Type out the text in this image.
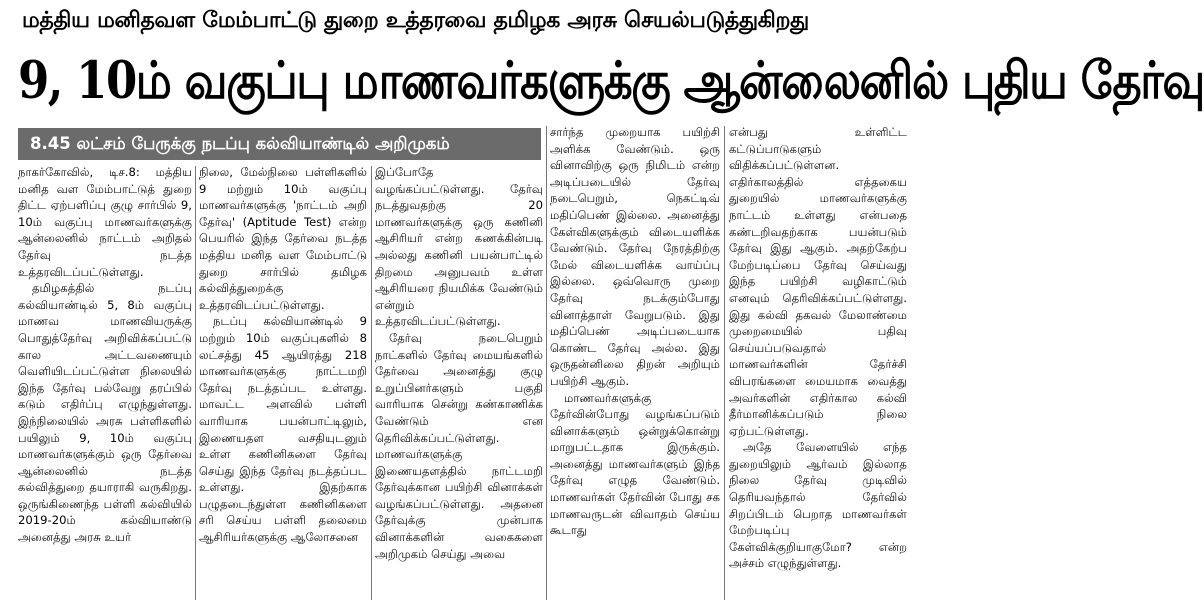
மத்திய மனிதவள மேம்பாட்டு துறை உத்தரவை தமிழக அரசு செயல்படுத்துகிறது
9, 10ம் வகுப்பு மாணவர்களுக்கு ஆன்லைனில் புதிய தேர்வு
8.45 லட்சம் பேருக்கு நடப்பு கல்வியாண்டில் அறிமுகம்

நாகர்கோவில், டிச.8: மத்திய மனித வள மேம்பாட்டுத் துறை திட்ட ஏற்பளிப்பு குழு சார்பில் 9, 10ம் வகுப்பு மாணவர்களுக்கு ஆன்லைனில் நாட்டம் அறிதல் தேர்வு நடத்த உத்தரவிடப்பட்டுள்ளது.

தமிழகத்தில் நடப்பு கல்வியாண்டில் 5, 8ம் வகுப்பு மாணவ மாணவியருக்கு பொதுத்தேர்வு அறிவிக்கப்பட்டு கால அட்டவணையும் வெளியிடப்பட்டுள்ள நிலையில் இந்த தேர்வு பல்வேறு தரப்பில் கடும் எதிர்ப்பு எழுந்துள்ளது. இந்நிலையில் அரசு பள்ளிகளில் பயிலும் 9, 10ம் வகுப்பு மாணவர்களுக்கும் ஒரு தேர்வை ஆன்லைனில் நடத்த கல்வித்துறை தயாராகி வருகிறது. ஒருங்கிணைந்த பள்ளி கல்வியில் 2019-20ம் கல்வியாண்டு அனைத்து அரசு உயர்

நிலை, மேல்நிலை பள்ளிகளில் 9 மற்றும் 10ம் வகுப்பு மாணவர்களுக்கு 'நாட்டம் அறி தேர்வு' (Aptitude Test) என்ற பெயரில் இந்த தேர்வை நடத்த மத்திய மனித வள மேம்பாட்டு துறை சார்பில் தமிழக கல்வித்துறைக்கு உத்தரவிடப்பட்டுள்ளது.

நடப்பு கல்வியாண்டில் 9 மற்றும் 10ம் வகுப்புகளில் 8 லட்சத்து 45 ஆயிரத்து 218 மாணவர்களுக்கு நாட்டமறி தேர்வு நடத்தப்பட உள்ளது. மாவட்ட அளவில் பள்ளி வாரியாக பயன்பாட்டிலும், இணையதள வசதியுடனும் உள்ள கணினிகளை தேர்வு செய்து இந்த தேர்வு நடத்தப்பட உள்ளது. இதற்காக பழுதடைந்துள்ள கணினிகளை சரி செய்ய பள்ளி தலைமை ஆசிரியர்களுக்கு ஆலோசனை

இப்போதே வழங்கப்பட்டுள்ளது. தேர்வு நடத்துவதற்கு 20 மாணவர்களுக்கு ஒரு கணினி ஆசிரியர் என்ற கணக்கின்படி அல்லது கணினி பயன்பாட்டில் திறமை அனுபவம் உள்ள ஆசிரியரை நியமிக்க வேண்டும் என்றும் உத்தரவிடப்பட்டுள்ளது.

தேர்வு நடைபெறும் நாட்களில் தேர்வு மையங்களில் தேர்வை அனைத்து குழு உறுப்பினர்களும் பகுதி வாரியாக சென்று கண்காணிக்க வேண்டும் என தெரிவிக்கப்பட்டுள்ளது. மாணவர்களுக்கு இணையதளத்தில் நாட்டமறி தேர்வுக்கான பயிற்சி வினாக்கள் வழங்கப்பட்டுள்ளது. அதனை தேர்வுக்கு முன்பாக வினாக்களின் வகைகளை அறிமுகம் செய்து அவை

சார்ந்த முறையாக பயிற்சி அளிக்க வேண்டும். ஒரு வினாவிற்கு ஒரு நிமிடம் என்ற அடிப்படையில் தேர்வு நடைபெறும், நெகட்டிவ் மதிப்பெண் இல்லை. அனைத்து கேள்விகளுக்கும் விடையளிக்க வேண்டும். தேர்வு நேரத்திற்கு மேல் விடையளிக்க வாய்ப்பு இல்லை. ஒவ்வொரு முறை தேர்வு நடக்கும்போது வினாத்தாள் வேறுபடும். இது மதிப்பெண் அடிப்படையாக கொண்ட தேர்வு அல்ல. இது ஒருதன்னிலை திறன் அறியும் பயிற்சி ஆகும்.

மாணவர்களுக்கு தேர்வின்போது வழங்கப்படும் வினாக்களும் ஒன்றுக்கொன்று மாறுபட்டதாக இருக்கும். அனைத்து மாணவர்களும் இந்த தேர்வு எழுத வேண்டும். மாணவர்கள் தேர்வின் போது சக மாணவருடன் விவாதம் செய்ய கூடாது

என்பது உள்ளிட்ட கட்டுப்பாடுகளும் விதிக்கப்பட்டுள்ளன. எதிர்காலத்தில் எத்தகைய துறையில் மாணவர்களுக்கு நாட்டம் உள்ளது என்பதை கண்டறிவதற்காக பயன்படும் தேர்வு இது ஆகும். அதற்கேற்ப மேற்படிப்பை தேர்வு செய்வது இந்த பயிற்சி வழிகாட்டும் எனவும் தெரிவிக்கப்பட்டுள்ளது. இது கல்வி தகவல் மேலாண்மை முறைமையில் பதிவு செய்யப்படுவதால் மாணவர்களின் தேர்ச்சி விபரங்களை மையமாக வைத்து அவர்களின் எதிர்கால கல்வி தீர்மானிக்கப்படும் நிலை ஏற்பட்டுள்ளது.

அதே வேளையில் எந்த துறையிலும் ஆர்வம் இல்லாத நிலை தேர்வு முடிவில் தெரியவந்தால் தேர்வில் சிறப்பிடம் பெறாத மாணவர்கள் மேற்படிப்பு கேள்விக்குறியாகுமோ? என்ற அச்சம் எழுந்துள்ளது.
